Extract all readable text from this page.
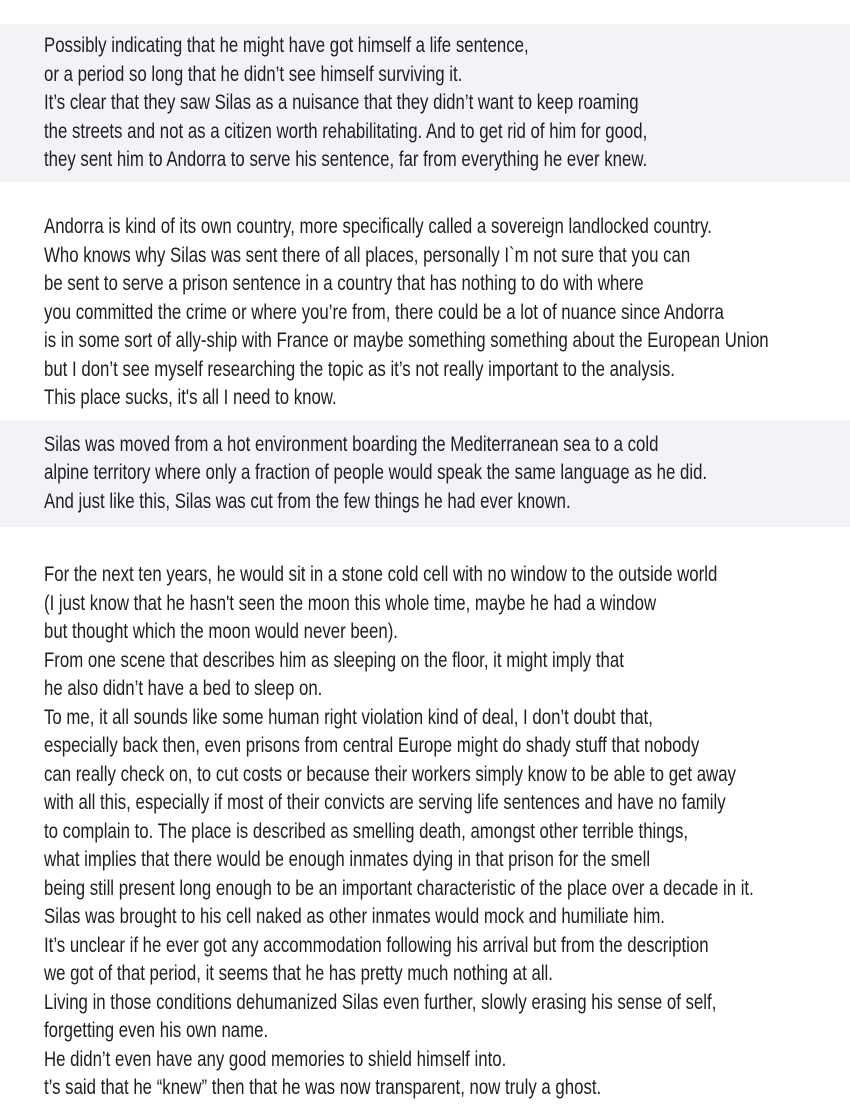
Possibly indicating that he might have got himself a life sentence,
or a period so long that he didn’t see himself surviving it.
It’s clear that they saw Silas as a nuisance that they didn’t want to keep roaming
the streets and not as a citizen worth rehabilitating. And to get rid of him for good,
they sent him to Andorra to serve his sentence, far from everything he ever knew.
Andorra is kind of its own country, more specifically called a sovereign landlocked country.
Who knows why Silas was sent there of all places, personally I`m not sure that you can
be sent to serve a prison sentence in a country that has nothing to do with where
you committed the crime or where you’re from, there could be a lot of nuance since Andorra
is in some sort of ally-ship with France or maybe something something about the European Union
but I don’t see myself researching the topic as it’s not really important to the analysis.
This place sucks, it's all I need to know.
Silas was moved from a hot environment boarding the Mediterranean sea to a cold
alpine territory where only a fraction of people would speak the same language as he did.
And just like this, Silas was cut from the few things he had ever known.
For the next ten years, he would sit in a stone cold cell with no window to the outside world
(I just know that he hasn't seen the moon this whole time, maybe he had a window
but thought which the moon would never been).
From one scene that describes him as sleeping on the floor, it might imply that
he also didn’t have a bed to sleep on.
To me, it all sounds like some human right violation kind of deal, I don’t doubt that,
especially back then, even prisons from central Europe might do shady stuff that nobody
can really check on, to cut costs or because their workers simply know to be able to get away
with all this, especially if most of their convicts are serving life sentences and have no family
to complain to. The place is described as smelling death, amongst other terrible things,
what implies that there would be enough inmates dying in that prison for the smell
being still present long enough to be an important characteristic of the place over a decade in it.
Silas was brought to his cell naked as other inmates would mock and humiliate him.
It’s unclear if he ever got any accommodation following his arrival but from the description
we got of that period, it seems that he has pretty much nothing at all.
Living in those conditions dehumanized Silas even further, slowly erasing his sense of self,
forgetting even his own name.
He didn’t even have any good memories to shield himself into.
t’s said that he “knew” then that he was now transparent, now truly a ghost.
